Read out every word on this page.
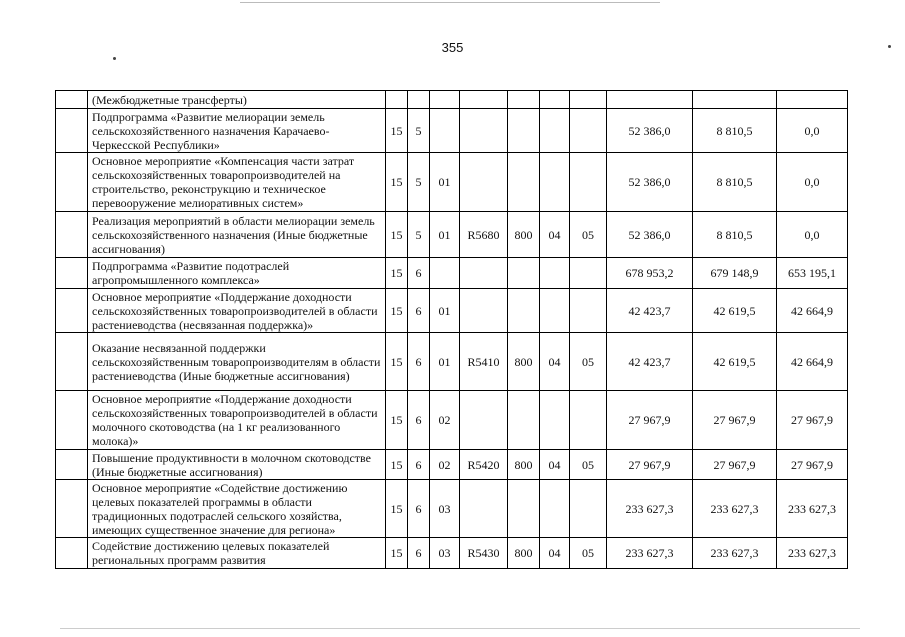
355
	(Межбюджетные трансферты)										
	Подпрограмма «Развитие мелиорации земель сельскохозяйственного назначения Карачаево-Черкесской Республики»	15	5						52 386,0	8 810,5	0,0
	Основное мероприятие «Компенсация части затрат сельскохозяйственных товаропроизводителей на строительство, реконструкцию и техническое перевооружение мелиоративных систем»	15	5	01					52 386,0	8 810,5	0,0
	Реализация мероприятий в области мелиорации земель сельскохозяйственного назначения (Иные бюджетные ассигнования)	15	5	01	R5680	800	04	05	52 386,0	8 810,5	0,0
	Подпрограмма «Развитие подотраслей агропромышленного комплекса»	15	6						678 953,2	679 148,9	653 195,1
	Основное мероприятие «Поддержание доходности сельскохозяйственных товаропроизводителей в области растениеводства (несвязанная поддержка)»	15	6	01					42 423,7	42 619,5	42 664,9
	Оказание несвязанной поддержки сельскохозяйственным товаропроизводителям в области растениеводства (Иные бюджетные ассигнования)	15	6	01	R5410	800	04	05	42 423,7	42 619,5	42 664,9
	Основное мероприятие «Поддержание доходности сельскохозяйственных товаропроизводителей в области молочного скотоводства (на 1 кг реализованного молока)»	15	6	02					27 967,9	27 967,9	27 967,9
	Повышение продуктивности в молочном скотоводстве (Иные бюджетные ассигнования)	15	6	02	R5420	800	04	05	27 967,9	27 967,9	27 967,9
	Основное мероприятие «Содействие достижению целевых показателей программы в области традиционных подотраслей сельского хозяйства, имеющих существенное значение для региона»	15	6	03					233 627,3	233 627,3	233 627,3
	Содействие достижению целевых показателей региональных программ развития	15	6	03	R5430	800	04	05	233 627,3	233 627,3	233 627,3
